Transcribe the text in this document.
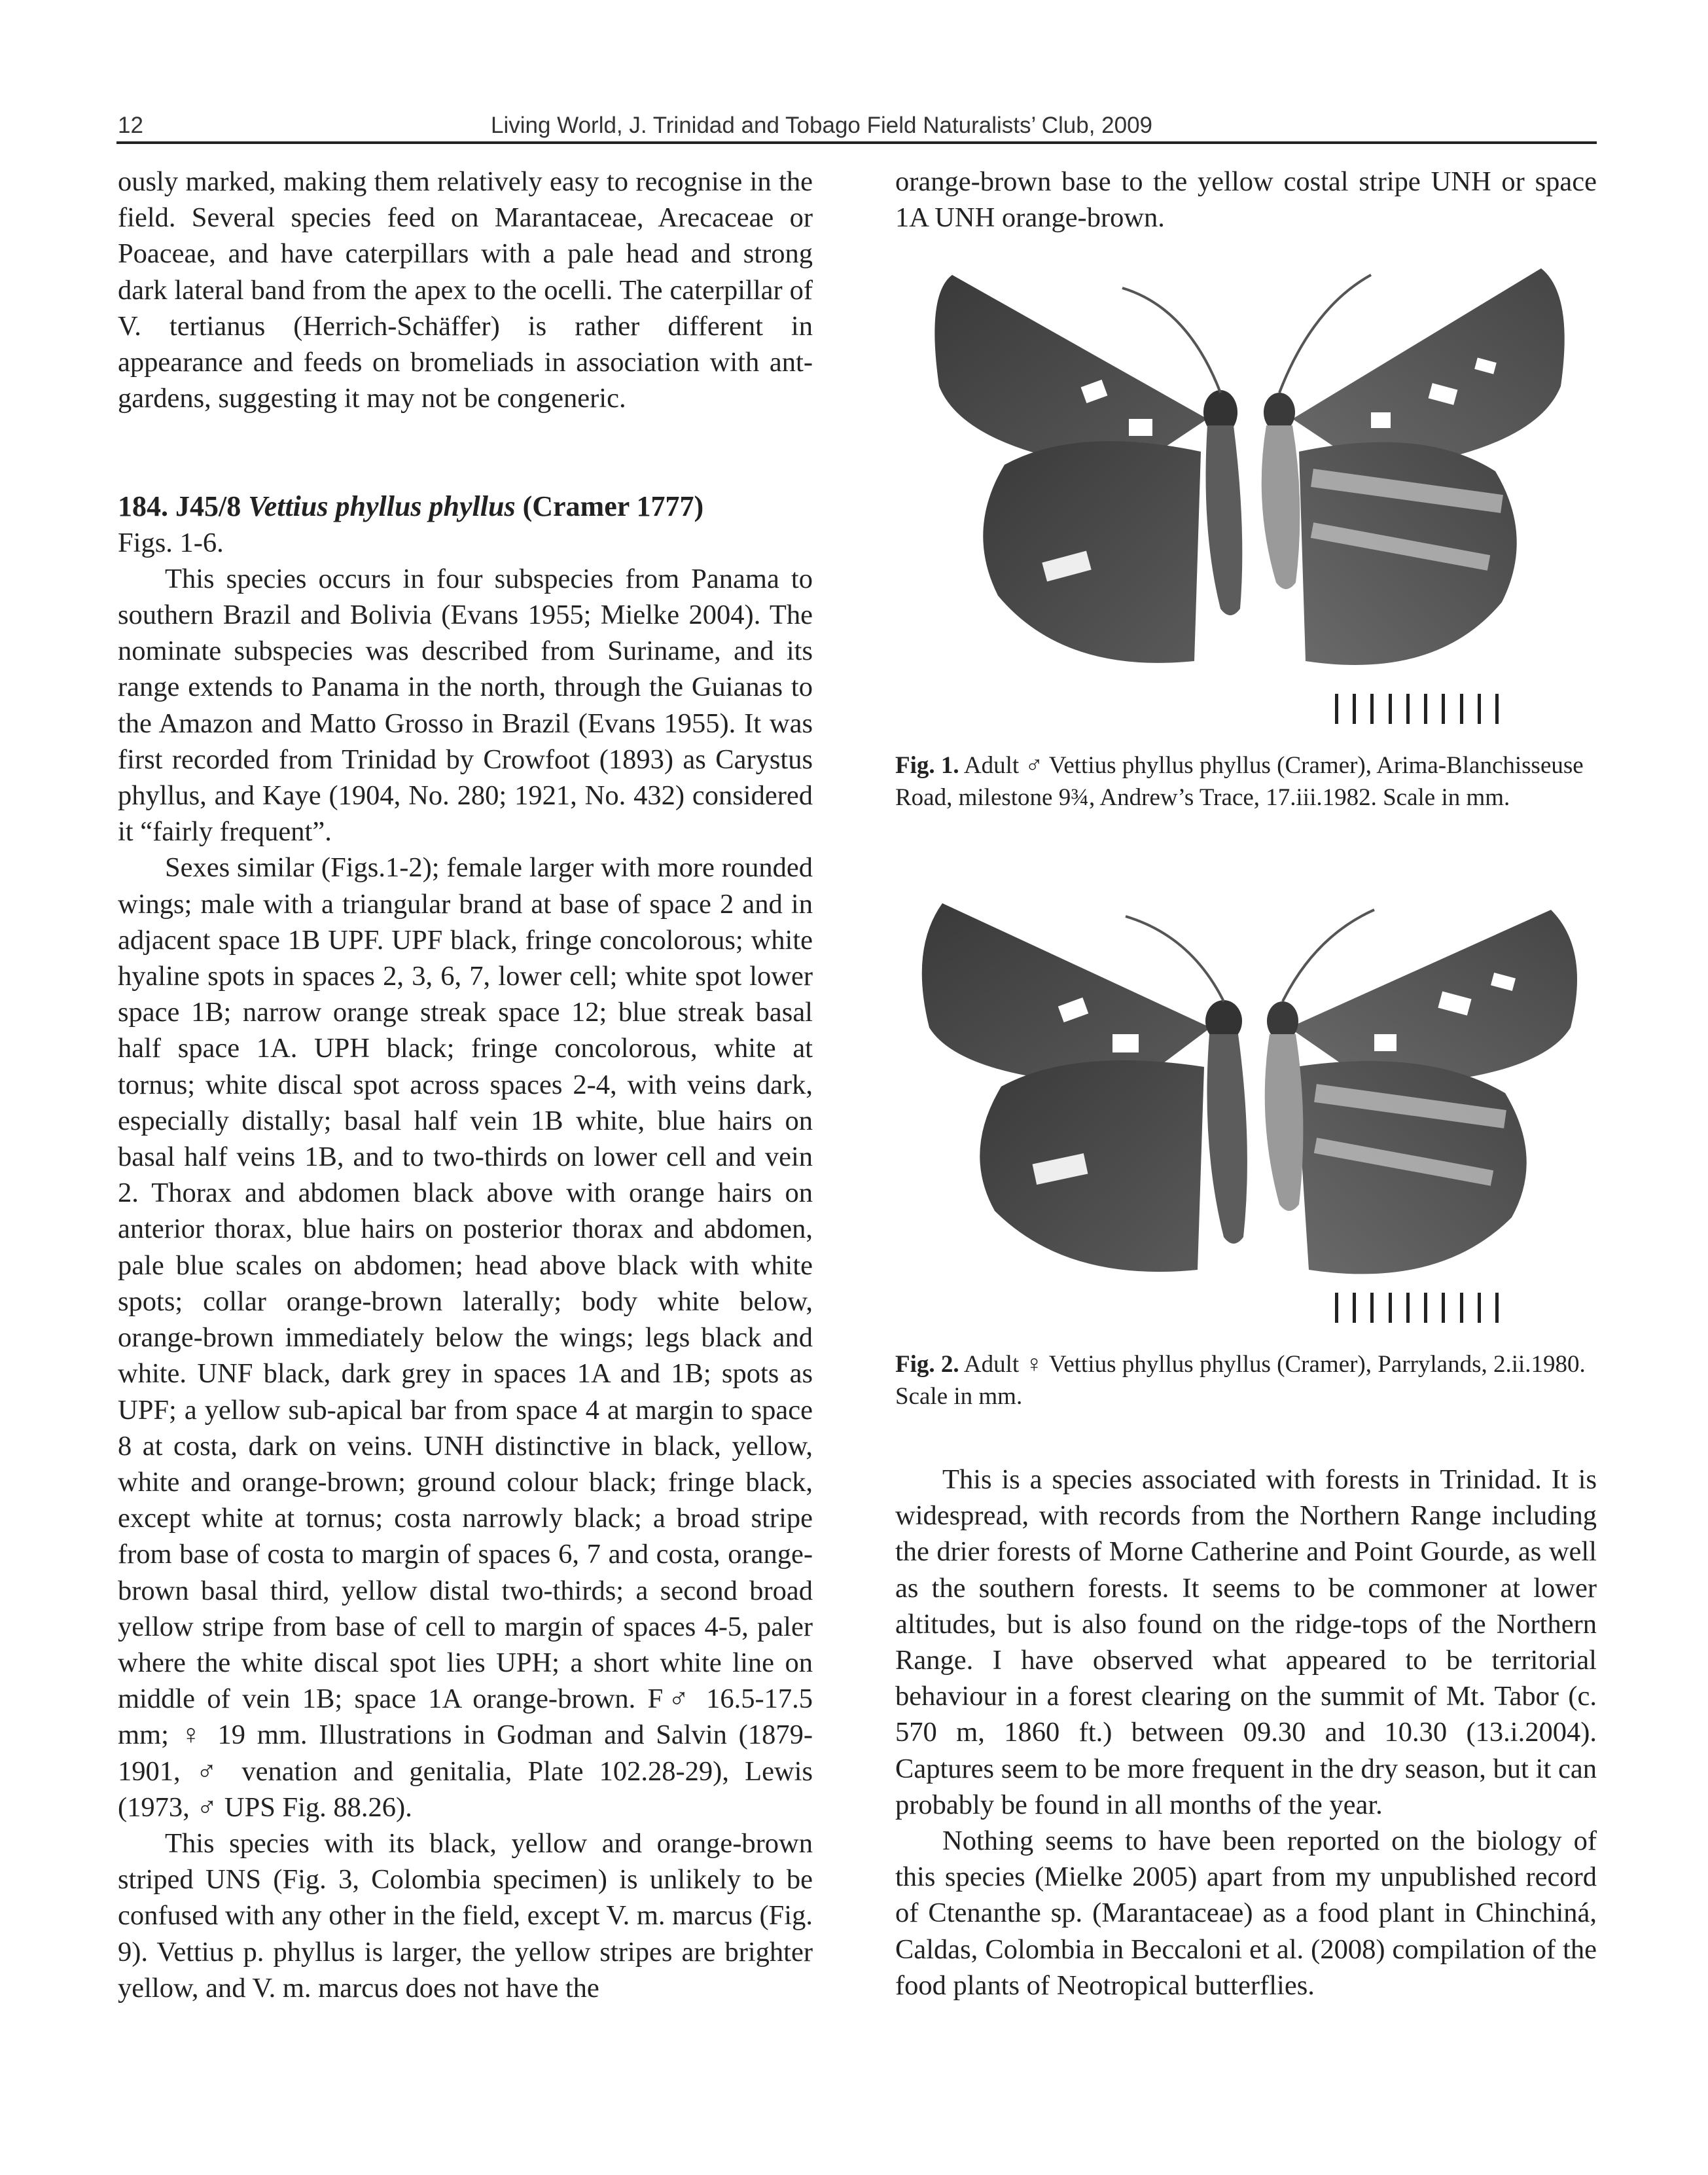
12	Living World, J. Trinidad and Tobago Field Naturalists’ Club, 2009

ously marked, making them relatively easy to recognise in the field. Several species feed on Marantaceae, Arecaceae or Poaceae, and have caterpillars with a pale head and strong dark lateral band from the apex to the ocelli. The caterpillar of V. tertianus (Herrich-Schäffer) is rather different in appearance and feeds on bromeliads in association with ant-gardens, suggesting it may not be congeneric.

184. J45/8 Vettius phyllus phyllus (Cramer 1777)

Figs. 1-6.

This species occurs in four subspecies from Panama to southern Brazil and Bolivia (Evans 1955; Mielke 2004). The nominate subspecies was described from Suriname, and its range extends to Panama in the north, through the Guianas to the Amazon and Matto Grosso in Brazil (Evans 1955). It was first recorded from Trinidad by Crowfoot (1893) as Carystus phyllus, and Kaye (1904, No. 280; 1921, No. 432) considered it “fairly frequent”.

Sexes similar (Figs.1-2); female larger with more rounded wings; male with a triangular brand at base of space 2 and in adjacent space 1B UPF. UPF black, fringe concolorous; white hyaline spots in spaces 2, 3, 6, 7, lower cell; white spot lower space 1B; narrow orange streak space 12; blue streak basal half space 1A. UPH black; fringe concolorous, white at tornus; white discal spot across spaces 2-4, with veins dark, especially distally; basal half vein 1B white, blue hairs on basal half veins 1B, and to two-thirds on lower cell and vein 2. Thorax and abdomen black above with orange hairs on anterior thorax, blue hairs on posterior thorax and abdomen, pale blue scales on abdomen; head above black with white spots; collar orange-brown laterally; body white below, orange-brown immediately below the wings; legs black and white. UNF black, dark grey in spaces 1A and 1B; spots as UPF; a yellow sub-apical bar from space 4 at margin to space 8 at costa, dark on veins. UNH distinctive in black, yellow, white and orange-brown; ground colour black; fringe black, except white at tornus; costa narrowly black; a broad stripe from base of costa to margin of spaces 6, 7 and costa, orange-brown basal third, yellow distal two-thirds; a second broad yellow stripe from base of cell to margin of spaces 4-5, paler where the white discal spot lies UPH; a short white line on middle of vein 1B; space 1A orange-brown. F♂ 16.5-17.5 mm; ♀ 19 mm. Illustrations in Godman and Salvin (1879-1901, ♂ venation and genitalia, Plate 102.28-29), Lewis (1973, ♂ UPS Fig. 88.26).

This species with its black, yellow and orange-brown striped UNS (Fig. 3, Colombia specimen) is unlikely to be confused with any other in the field, except V. m. marcus (Fig. 9). Vettius p. phyllus is larger, the yellow stripes are brighter yellow, and V. m. marcus does not have the

orange-brown base to the yellow costal stripe UNH or space 1A UNH orange-brown.

Fig. 1. Adult ♂ Vettius phyllus phyllus (Cramer), Arima-Blanchisseuse Road, milestone 9¾, Andrew’s Trace, 17.iii.1982. Scale in mm.
Fig. 2. Adult ♀ Vettius phyllus phyllus (Cramer), Parrylands, 2.ii.1980. Scale in mm.

This is a species associated with forests in Trinidad. It is widespread, with records from the Northern Range including the drier forests of Morne Catherine and Point Gourde, as well as the southern forests. It seems to be commoner at lower altitudes, but is also found on the ridge-tops of the Northern Range. I have observed what appeared to be territorial behaviour in a forest clearing on the summit of Mt. Tabor (c. 570 m, 1860 ft.) between 09.30 and 10.30 (13.i.2004). Captures seem to be more frequent in the dry season, but it can probably be found in all months of the year.

Nothing seems to have been reported on the biology of this species (Mielke 2005) apart from my unpublished record of Ctenanthe sp. (Marantaceae) as a food plant in Chinchiná, Caldas, Colombia in Beccaloni et al. (2008) compilation of the food plants of Neotropical butterflies.
